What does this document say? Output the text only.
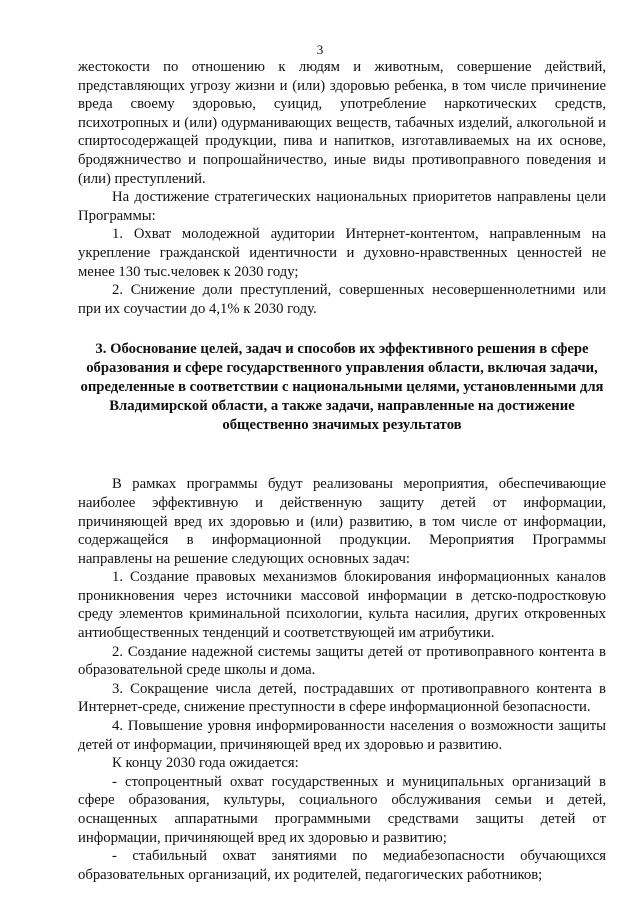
3

жестокости по отношению к людям и животным, совершение действий, представляющих угрозу жизни и (или) здоровью ребенка, в том числе причинение вреда своему здоровью, суицид, употребление наркотических средств, психотропных и (или) одурманивающих веществ, табачных изделий, алкогольной и спиртосодержащей продукции, пива и напитков, изготавливаемых на их основе, бродяжничество и попрошайничество, иные виды противоправного поведения и (или) преступлений.

На достижение стратегических национальных приоритетов направлены цели Программы:

1. Охват молодежной аудитории Интернет-контентом, направленным на укрепление гражданской идентичности и духовно-нравственных ценностей не менее 130 тыс.человек к 2030 году;

2. Снижение доли преступлений, совершенных несовершеннолетними или при их соучастии до 4,1% к 2030 году.

3. Обоснование целей, задач и способов их эффективного решения в сфере образования и сфере государственного управления области, включая задачи, определенные в соответствии с национальными целями, установленными для Владимирской области, а также задачи, направленные на достижение общественно значимых результатов

В рамках программы будут реализованы мероприятия, обеспечивающие наиболее эффективную и действенную защиту детей от информации, причиняющей вред их здоровью и (или) развитию, в том числе от информации, содержащейся в информационной продукции. Мероприятия Программы направлены на решение следующих основных задач:

1. Создание правовых механизмов блокирования информационных каналов проникновения через источники массовой информации в детско-подростковую среду элементов криминальной психологии, культа насилия, других откровенных антиобщественных тенденций и соответствующей им атрибутики.

2. Создание надежной системы защиты детей от противоправного контента в образовательной среде школы и дома.

3. Сокращение числа детей, пострадавших от противоправного контента в Интернет-среде, снижение преступности в сфере информационной безопасности.

4. Повышение уровня информированности населения о возможности защиты детей от информации, причиняющей вред их здоровью и развитию.

К концу 2030 года ожидается:

- стопроцентный охват государственных и муниципальных организаций в сфере образования, культуры, социального обслуживания семьи и детей, оснащенных аппаратными программными средствами защиты детей от информации, причиняющей вред их здоровью и развитию;

- стабильный охват занятиями по медиабезопасности обучающихся образовательных организаций, их родителей, педагогических работников;
